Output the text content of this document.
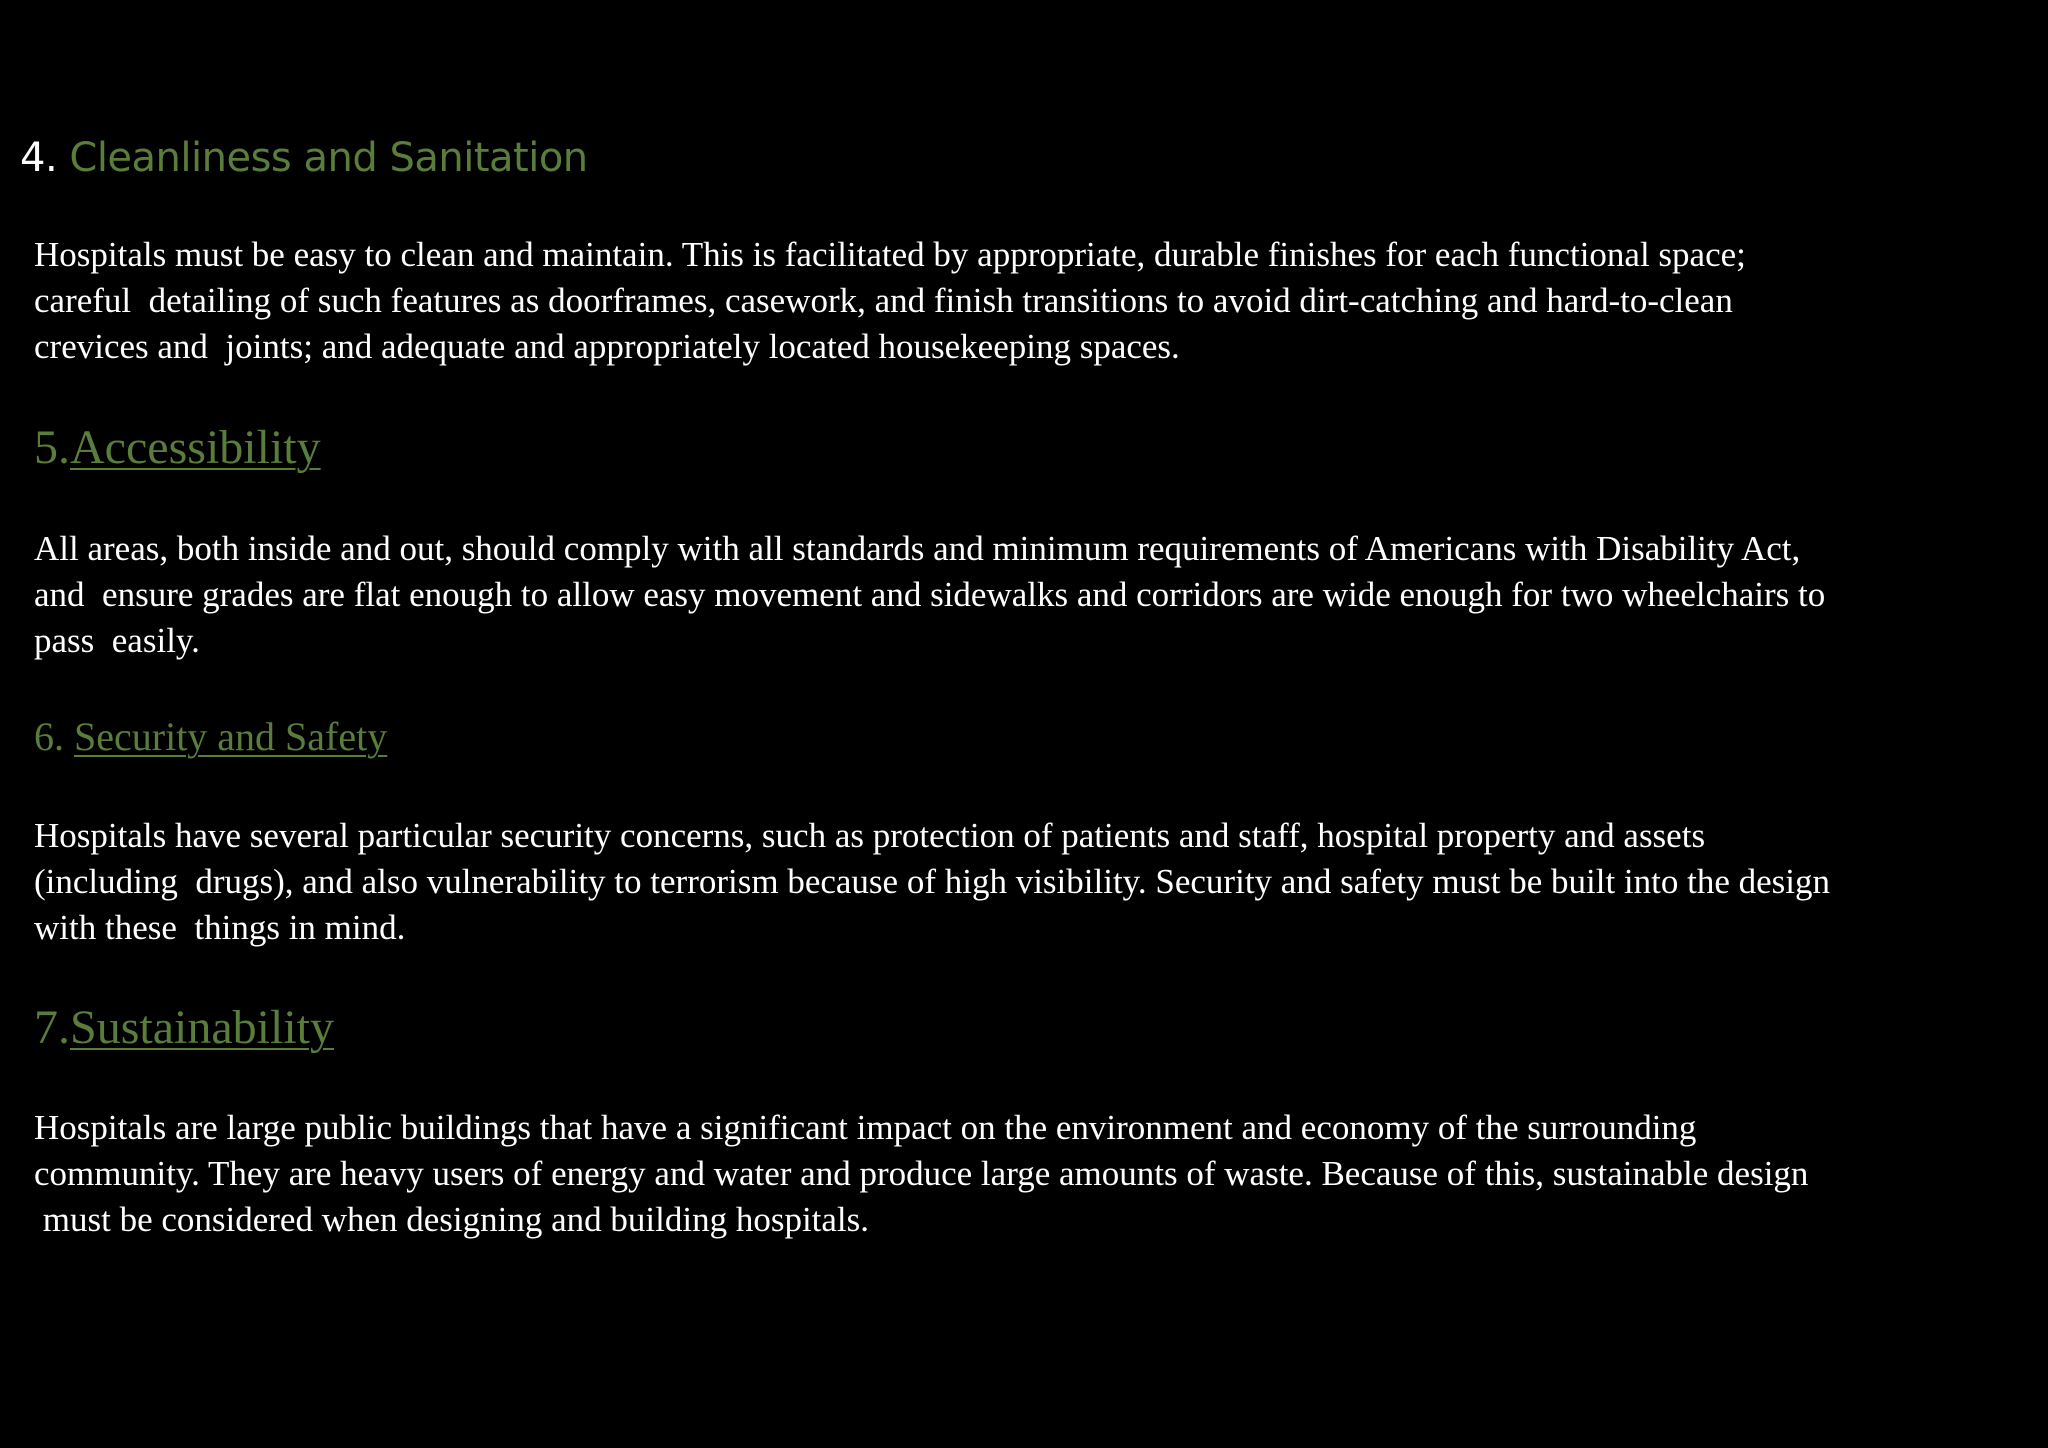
4. Cleanliness and Sanitation

Hospitals must be easy to clean and maintain. This is facilitated by appropriate, durable finishes for each functional space;
careful  detailing of such features as doorframes, casework, and finish transitions to avoid dirt-catching and hard-to-clean
crevices and  joints; and adequate and appropriately located housekeeping spaces.

5.Accessibility

All areas, both inside and out, should comply with all standards and minimum requirements of Americans with Disability Act,
and  ensure grades are flat enough to allow easy movement and sidewalks and corridors are wide enough for two wheelchairs to
pass  easily.

6. Security and Safety

Hospitals have several particular security concerns, such as protection of patients and staff, hospital property and assets
(including  drugs), and also vulnerability to terrorism because of high visibility. Security and safety must be built into the design
with these  things in mind.

7.Sustainability

Hospitals are large public buildings that have a significant impact on the environment and economy of the surrounding
community. They are heavy users of energy and water and produce large amounts of waste. Because of this, sustainable design
must be considered when designing and building hospitals.
